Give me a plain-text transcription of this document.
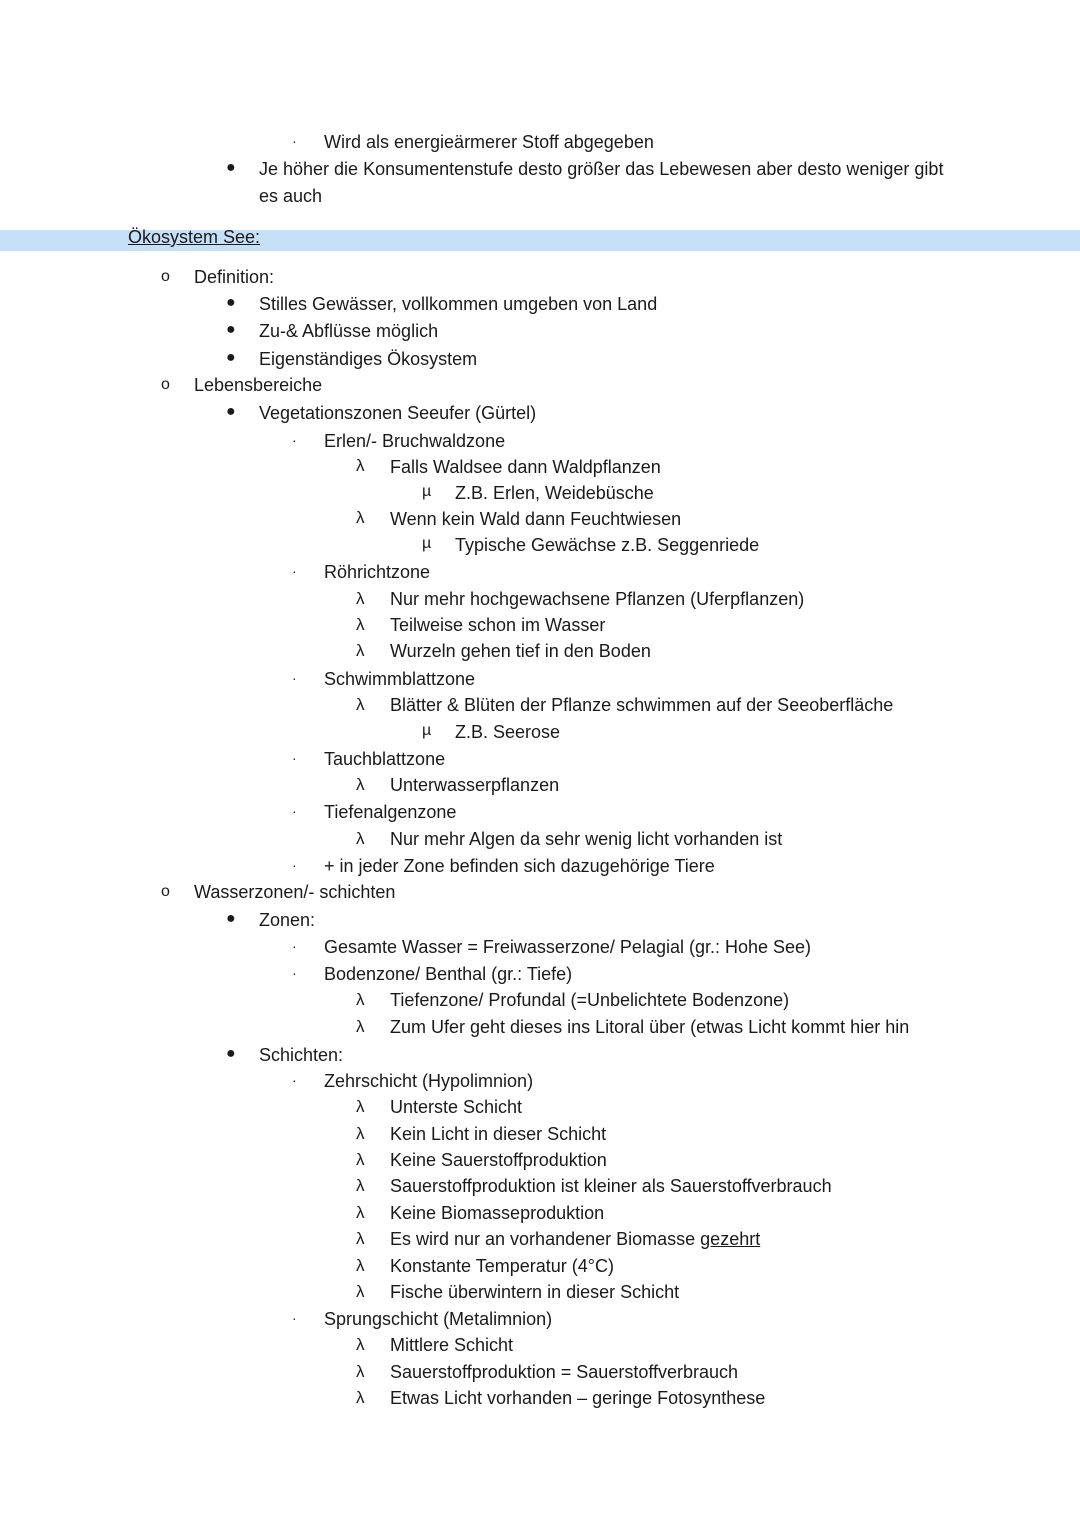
· Wird als energieärmerer Stoff abgegeben
● Je höher die Konsumentenstufe desto größer das Lebewesen aber desto weniger gibt
es auch
Ökosystem See:
o Definition:
● Stilles Gewässer, vollkommen umgeben von Land
● Zu-& Abflüsse möglich
● Eigenständiges Ökosystem
o Lebensbereiche
● Vegetationszonen Seeufer (Gürtel)
· Erlen/- Bruchwaldzone
λ Falls Waldsee dann Waldpflanzen
µ Z.B. Erlen, Weidebüsche
λ Wenn kein Wald dann Feuchtwiesen
µ Typische Gewächse z.B. Seggenriede
· Röhrichtzone
λ Nur mehr hochgewachsene Pflanzen (Uferpflanzen)
λ Teilweise schon im Wasser
λ Wurzeln gehen tief in den Boden
· Schwimmblattzone
λ Blätter & Blüten der Pflanze schwimmen auf der Seeoberfläche
µ Z.B. Seerose
· Tauchblattzone
λ Unterwasserpflanzen
· Tiefenalgenzone
λ Nur mehr Algen da sehr wenig licht vorhanden ist
· + in jeder Zone befinden sich dazugehörige Tiere
o Wasserzonen/- schichten
● Zonen:
· Gesamte Wasser = Freiwasserzone/ Pelagial (gr.: Hohe See)
· Bodenzone/ Benthal (gr.: Tiefe)
λ Tiefenzone/ Profundal (=Unbelichtete Bodenzone)
λ Zum Ufer geht dieses ins Litoral über (etwas Licht kommt hier hin
● Schichten:
· Zehrschicht (Hypolimnion)
λ Unterste Schicht
λ Kein Licht in dieser Schicht
λ Keine Sauerstoffproduktion
λ Sauerstoffproduktion ist kleiner als Sauerstoffverbrauch
λ Keine Biomasseproduktion
λ Es wird nur an vorhandener Biomasse gezehrt
λ Konstante Temperatur (4°C)
λ Fische überwintern in dieser Schicht
· Sprungschicht (Metalimnion)
λ Mittlere Schicht
λ Sauerstoffproduktion = Sauerstoffverbrauch
λ Etwas Licht vorhanden – geringe Fotosynthese
